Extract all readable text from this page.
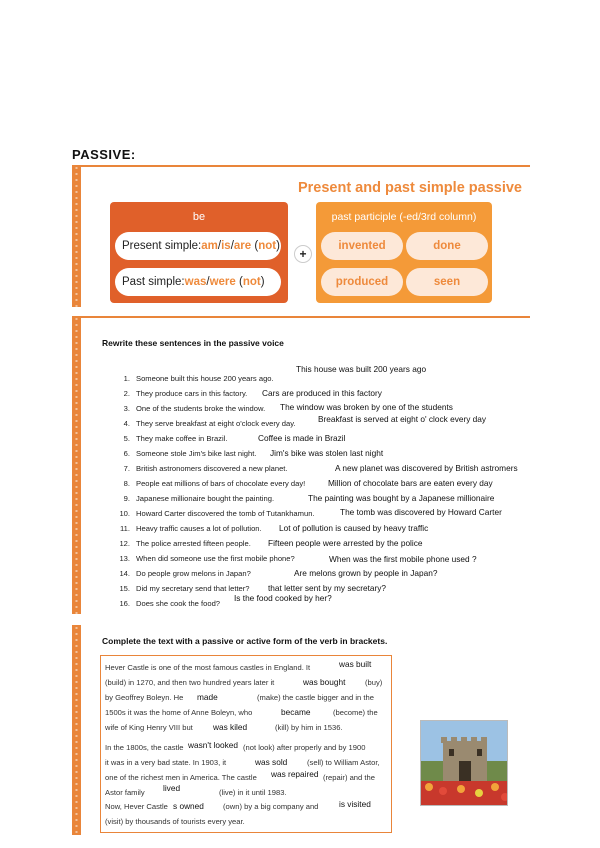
PASSIVE:
Present and past simple passive
be
Present simple: am / is / are ( not )
Past simple: was / were ( not )
+
past participle (-ed/3rd column)
invented	done
produced	seen
Rewrite these sentences in the passive voice
1. Someone built this house 200 years ago.
2. They produce cars in this factory.
3. One of the students broke the window.
4. They serve breakfast at eight o'clock every day.
5. They make coffee in Brazil.
6. Someone stole Jim's bike last night.
7. British astronomers discovered a new planet.
8. People eat millions of bars of chocolate every day!
9. Japanese millionaire bought the painting.
10. Howard Carter discovered the tomb of Tutankhamun.
11. Heavy traffic causes a lot of pollution.
12. The police arrested fifteen people.
13. When did someone use the first mobile phone?
14. Do people grow melons in Japan?
15. Did my secretary send that letter?
16. Does she cook the food?
This house was built 200 years ago
Cars are produced in this factory
The window was broken by one of the students
Breakfast is served at eight o' clock every day
Coffee is made in Brazil
Jim's bike was stolen last night
A new planet was discovered by British astromers
Million of chocolate bars are eaten every day
The painting was bought by a Japanese millionaire
The tomb was discovered by Howard Carter
Lot of pollution is caused by heavy traffic
Fifteen people were arrested by the police
When was the first mobile phone used ?
Are melons grown by people in Japan?
that letter sent by my secretary?
Is the food cooked by her?
Complete the text with a passive or active form of the verb in brackets.
Hever Castle is one of the most famous castles in England. It
(build) in 1270, and then two hundred years later it	(buy)
by Geoffrey Boleyn. He	(make) the castle bigger and in the
1500s it was the home of Anne Boleyn, who	(become) the
wife of King Henry VIII but	(kill) by him in 1536.
In the 1800s, the castle	(not look) after properly and by 1900
it was in a very bad state. In 1903, it	(sell) to William Astor,
one of the richest men in America. The castle	(repair) and the
Astor family	(live) in it until 1983.
Now, Hever Castle	(own) by a big company and
(visit) by thousands of tourists every year.
was built
was bought
made
became
was kiled
wasn't looked
was sold
was repaired
lived
s owned	is visited
